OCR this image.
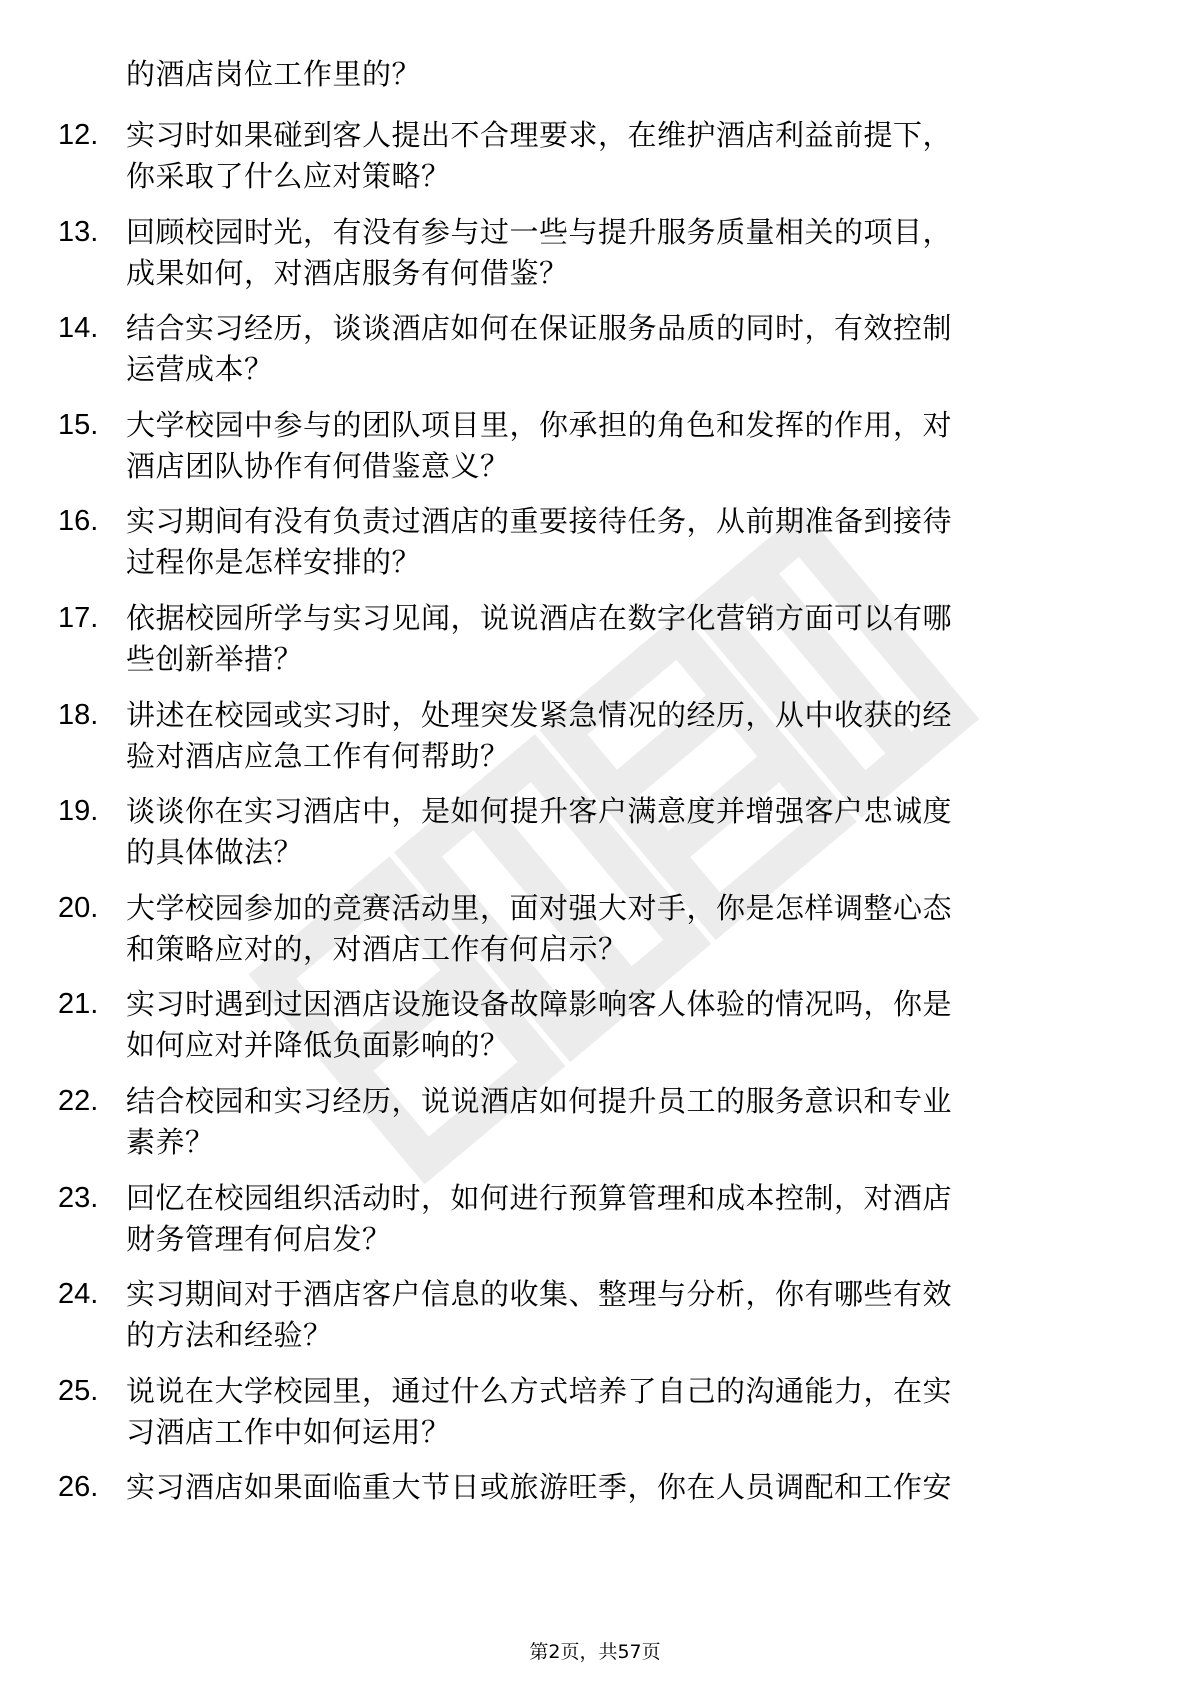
的酒店岗位工作里的？
12. 实习时如果碰到客人提出不合理要求，在维护酒店利益前提下，
你采取了什么应对策略？
13. 回顾校园时光，有没有参与过一些与提升服务质量相关的项目，
成果如何，对酒店服务有何借鉴？
14. 结合实习经历，谈谈酒店如何在保证服务品质的同时，有效控制
运营成本？
15. 大学校园中参与的团队项目里，你承担的角色和发挥的作用，对
酒店团队协作有何借鉴意义？
16. 实习期间有没有负责过酒店的重要接待任务，从前期准备到接待
过程你是怎样安排的？
17. 依据校园所学与实习见闻，说说酒店在数字化营销方面可以有哪
些创新举措？
18. 讲述在校园或实习时，处理突发紧急情况的经历，从中收获的经
验对酒店应急工作有何帮助？
19. 谈谈你在实习酒店中，是如何提升客户满意度并增强客户忠诚度
的具体做法？
20. 大学校园参加的竞赛活动里，面对强大对手，你是怎样调整心态
和策略应对的，对酒店工作有何启示？
21. 实习时遇到过因酒店设施设备故障影响客人体验的情况吗，你是
如何应对并降低负面影响的？
22. 结合校园和实习经历，说说酒店如何提升员工的服务意识和专业
素养？
23. 回忆在校园组织活动时，如何进行预算管理和成本控制，对酒店
财务管理有何启发？
24. 实习期间对于酒店客户信息的收集、整理与分析，你有哪些有效
的方法和经验？
25. 说说在大学校园里，通过什么方式培养了自己的沟通能力，在实
习酒店工作中如何运用？
26. 实习酒店如果面临重大节日或旅游旺季，你在人员调配和工作安
第2页，共57页
